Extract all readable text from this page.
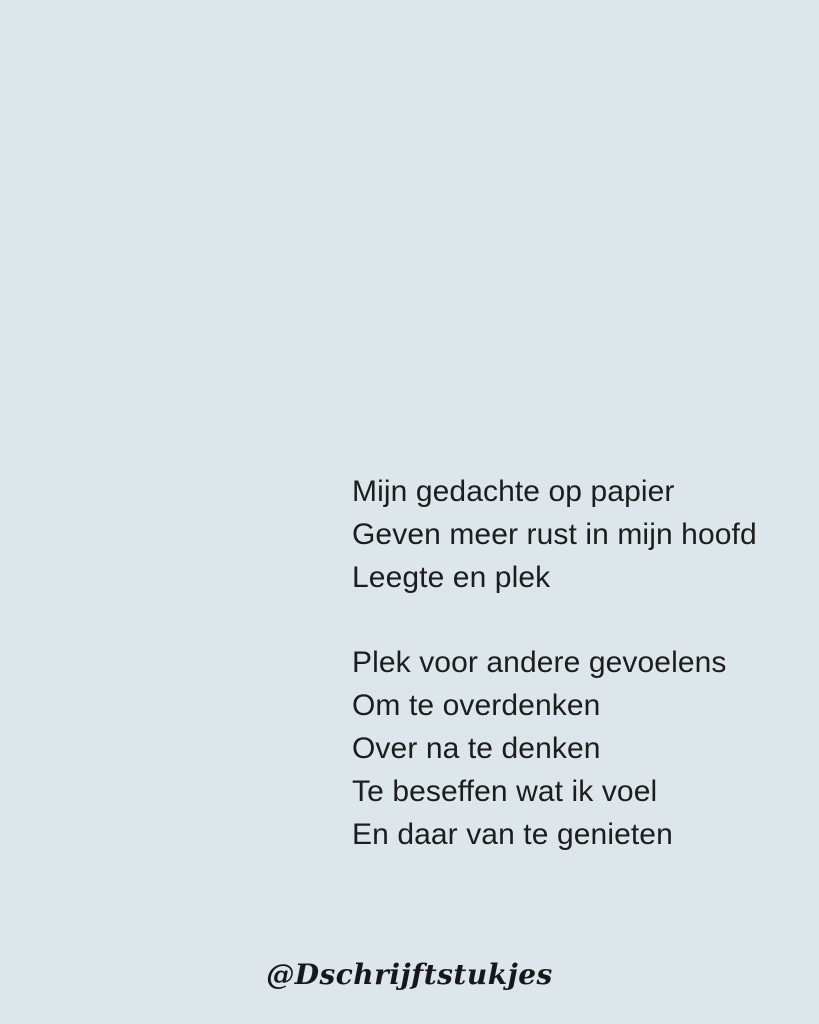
Mijn gedachte op papier
Geven meer rust in mijn hoofd
Leegte en plek
Plek voor andere gevoelens
Om te overdenken
Over na te denken
Te beseffen wat ik voel
En daar van te genieten
@Dschrijftstukjes
